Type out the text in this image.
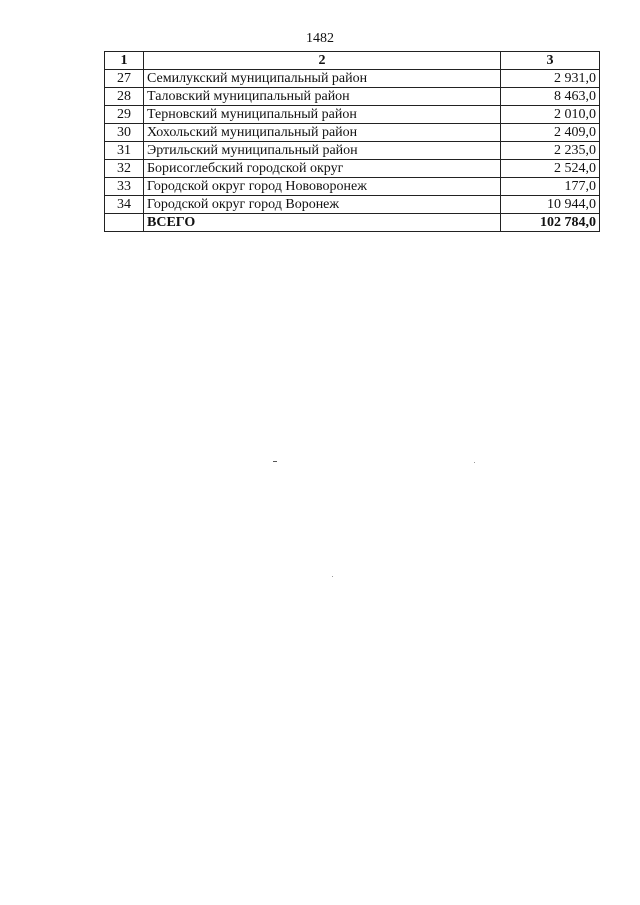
1482
1	2	3
27	Семилукский муниципальный район	2 931,0
28	Таловский муниципальный район	8 463,0
29	Терновский муниципальный район	2 010,0
30	Хохольский муниципальный район	2 409,0
31	Эртильский муниципальный район	2 235,0
32	Борисоглебский городской округ	2 524,0
33	Городской округ город Нововоронеж	177,0
34	Городской округ город Воронеж	10 944,0
	ВСЕГО	102 784,0
